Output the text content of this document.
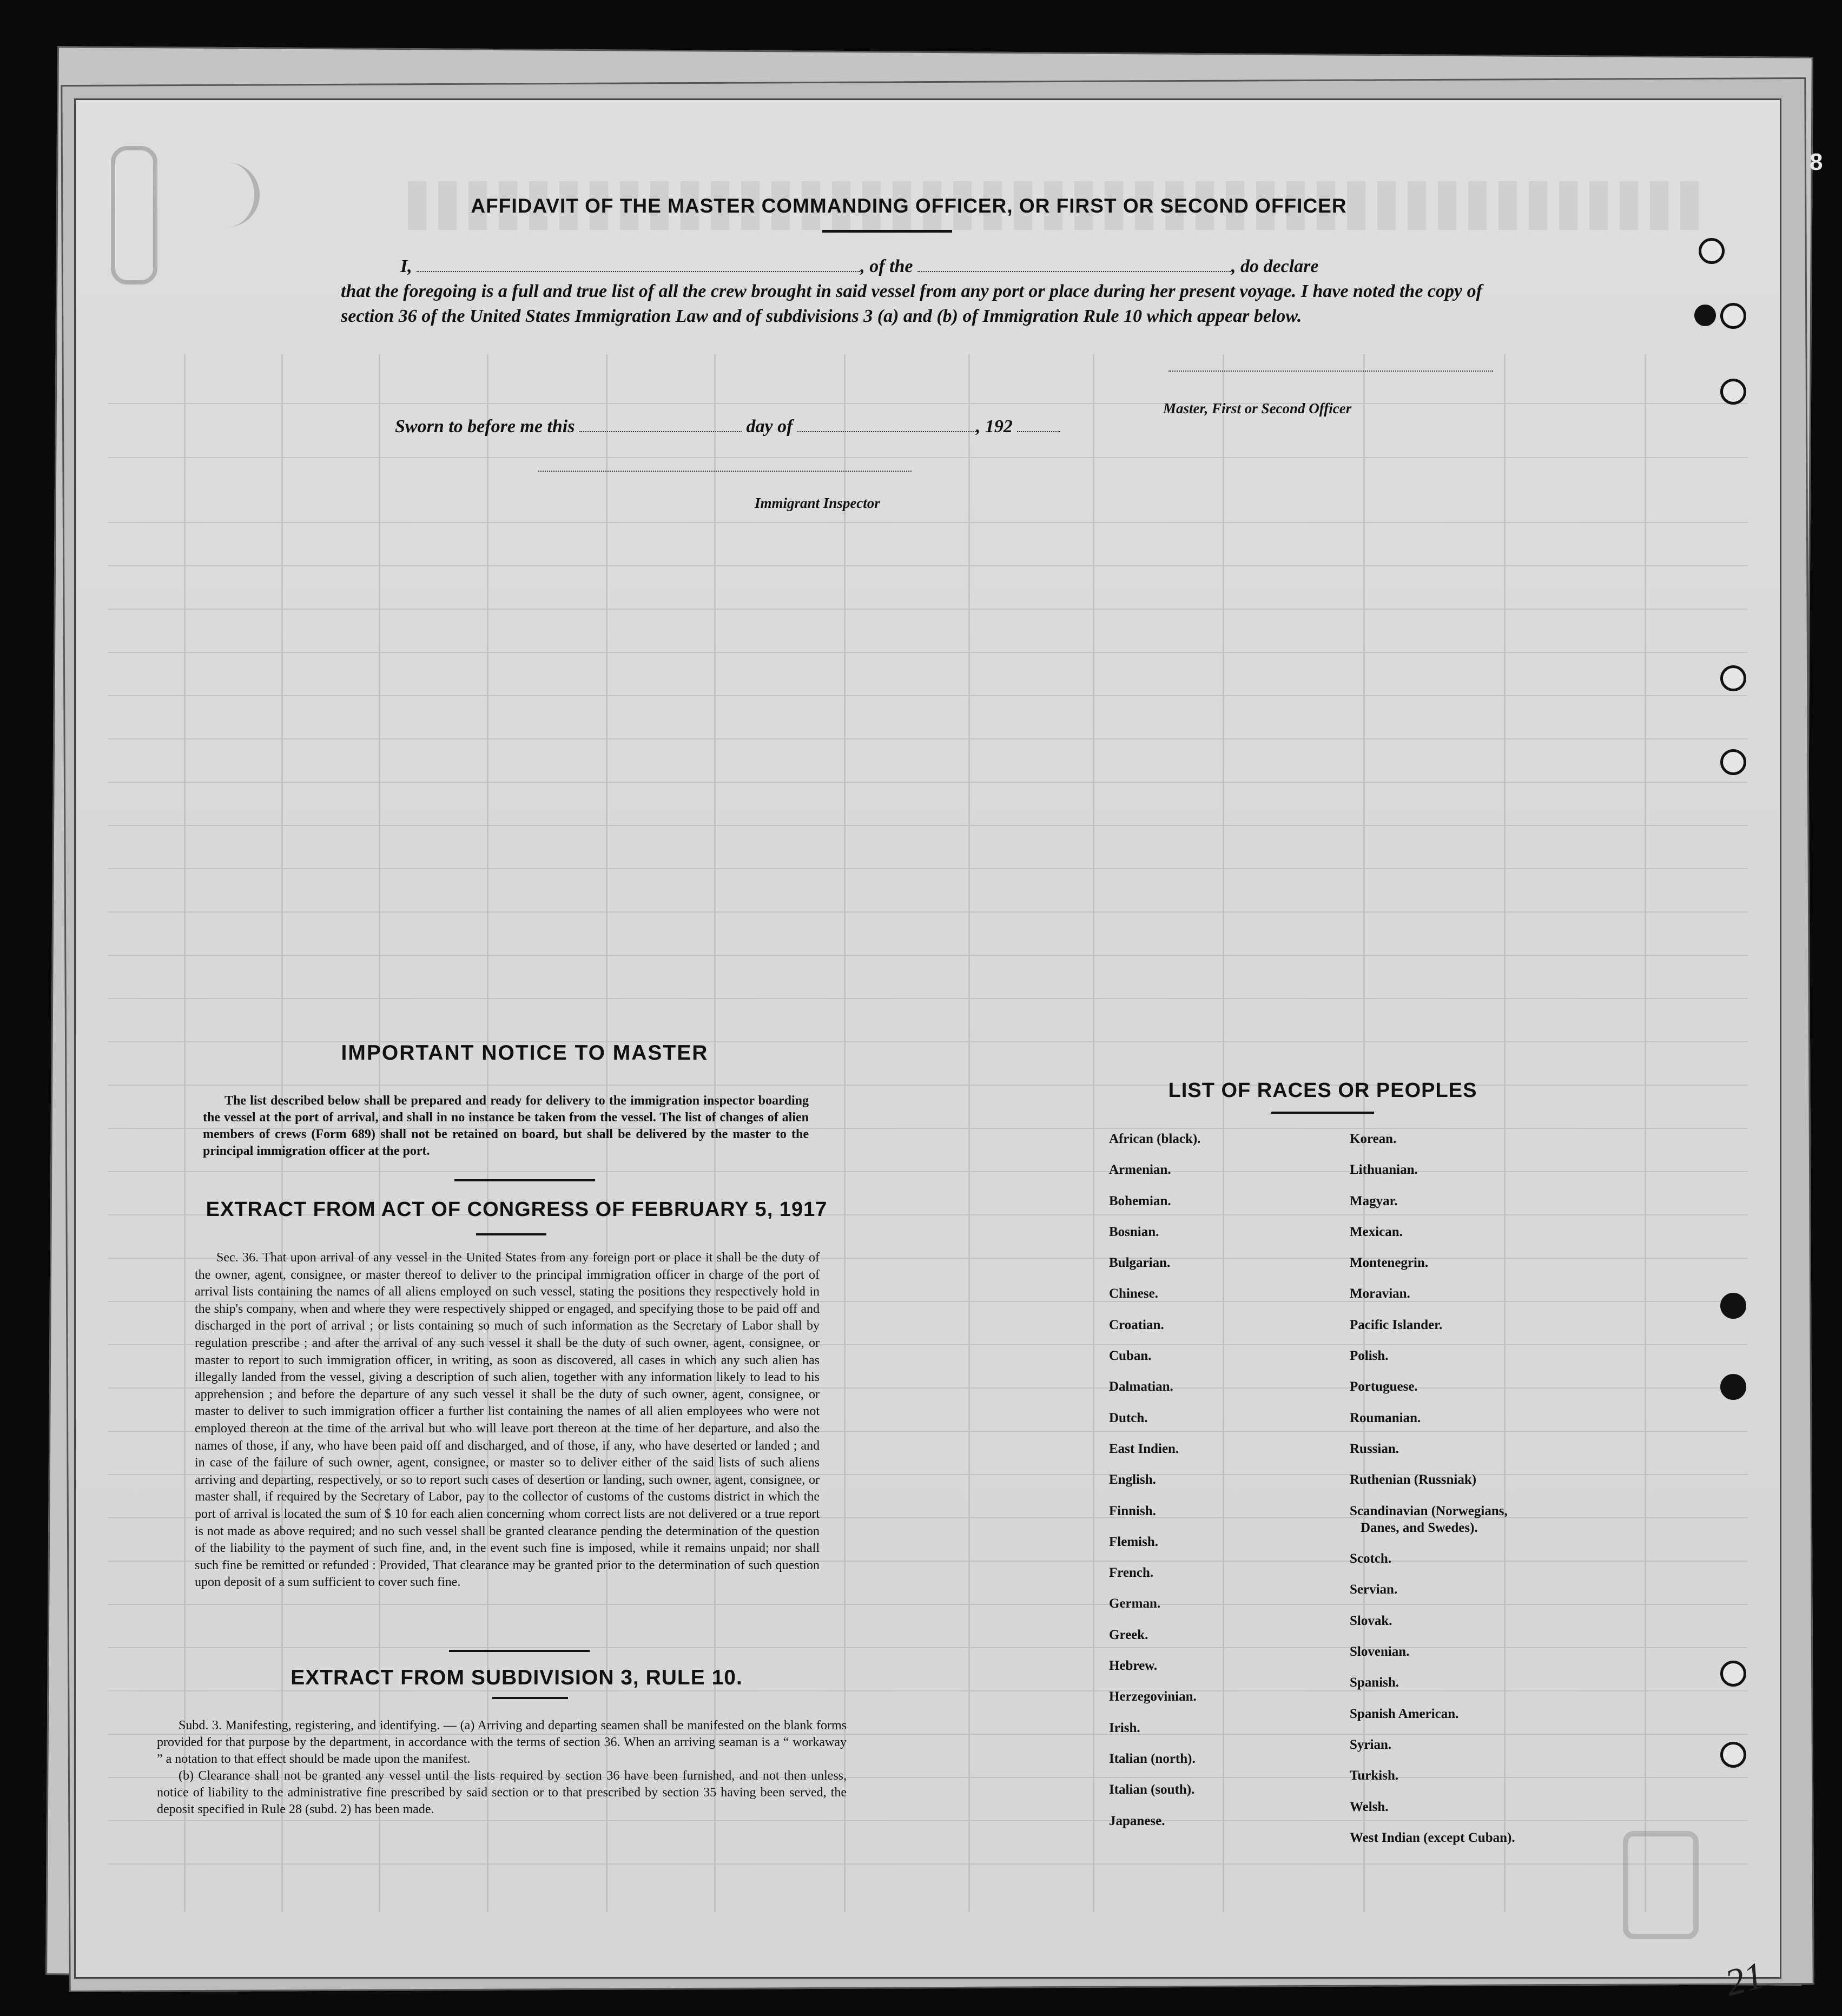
AFFIDAVIT OF THE MASTER COMMANDING OFFICER, OR FIRST OR SECOND OFFICER
I,	, of the	, do declare
that the foregoing is a full and true list of all the crew brought in said vessel from any port or place during her present voyage. I have noted the copy of section 36 of the United States Immigration Law and of subdivisions 3 (a) and (b) of Immigration Rule 10 which appear below.
Master, First or Second Officer
Sworn to before me this	day of	, 192
Immigrant Inspector
IMPORTANT NOTICE TO MASTER
The list described below shall be prepared and ready for delivery to the immigration inspector boarding the vessel at the port of arrival, and shall in no instance be taken from the vessel. The list of changes of alien members of crews (Form 689) shall not be retained on board, but shall be delivered by the master to the principal immigration officer at the port.
EXTRACT FROM ACT OF CONGRESS OF FEBRUARY 5, 1917
Sec. 36. That upon arrival of any vessel in the United States from any foreign port or place it shall be the duty of the owner, agent, consignee, or master thereof to deliver to the principal immigration officer in charge of the port of arrival lists containing the names of all aliens employed on such vessel, stating the positions they respectively hold in the ship's company, when and where they were respectively shipped or engaged, and specifying those to be paid off and discharged in the port of arrival ; or lists containing so much of such information as the Secretary of Labor shall by regulation prescribe ; and after the arrival of any such vessel it shall be the duty of such owner, agent, consignee, or master to report to such immigration officer, in writing, as soon as discovered, all cases in which any such alien has illegally landed from the vessel, giving a description of such alien, together with any information likely to lead to his apprehension ; and before the departure of any such vessel it shall be the duty of such owner, agent, consignee, or master to deliver to such immigration officer a further list containing the names of all alien employees who were not employed thereon at the time of the arrival but who will leave port thereon at the time of her departure, and also the names of those, if any, who have been paid off and discharged, and of those, if any, who have deserted or landed ; and in case of the failure of such owner, agent, consignee, or master so to deliver either of the said lists of such aliens arriving and departing, respectively, or so to report such cases of desertion or landing, such owner, agent, consignee, or master shall, if required by the Secretary of Labor, pay to the collector of customs of the customs district in which the port of arrival is located the sum of $ 10 for each alien concerning whom correct lists are not delivered or a true report is not made as above required; and no such vessel shall be granted clearance pending the determination of the question of the liability to the payment of such fine, and, in the event such fine is imposed, while it remains unpaid; nor shall such fine be remitted or refunded : Provided, That clearance may be granted prior to the determination of such question upon deposit of a sum sufficient to cover such fine.
EXTRACT FROM SUBDIVISION 3, RULE 10.

Subd. 3. Manifesting, registering, and identifying. — (a) Arriving and departing seamen shall be manifested on the blank forms provided for that purpose by the department, in accordance with the terms of section 36. When an arriving seaman is a “ workaway ” a notation to that effect should be made upon the manifest.

(b) Clearance shall not be granted any vessel until the lists required by section 36 have been furnished, and not then unless, notice of liability to the administrative fine prescribed by said section or to that prescribed by section 35 having been served, the deposit specified in Rule 28 (subd. 2) has been made.

LIST OF RACES OR PEOPLES
African (black).
Armenian.
Bohemian.
Bosnian.
Bulgarian.
Chinese.
Croatian.
Cuban.
Dalmatian.
Dutch.
East Indien.
English.
Finnish.
Flemish.
French.
German.
Greek.
Hebrew.
Herzegovinian.
Irish.
Italian (north).
Italian (south).
Japanese.
Korean.
Lithuanian.
Magyar.
Mexican.
Montenegrin.
Moravian.
Pacific Islander.
Polish.
Portuguese.
Roumanian.
Russian.
Ruthenian (Russniak)
Scandinavian (Norwegians,
Danes, and Swedes).
Scotch.
Servian.
Slovak.
Slovenian.
Spanish.
Spanish American.
Syrian.
Turkish.
Welsh.
West Indian (except Cuban).
8
21
